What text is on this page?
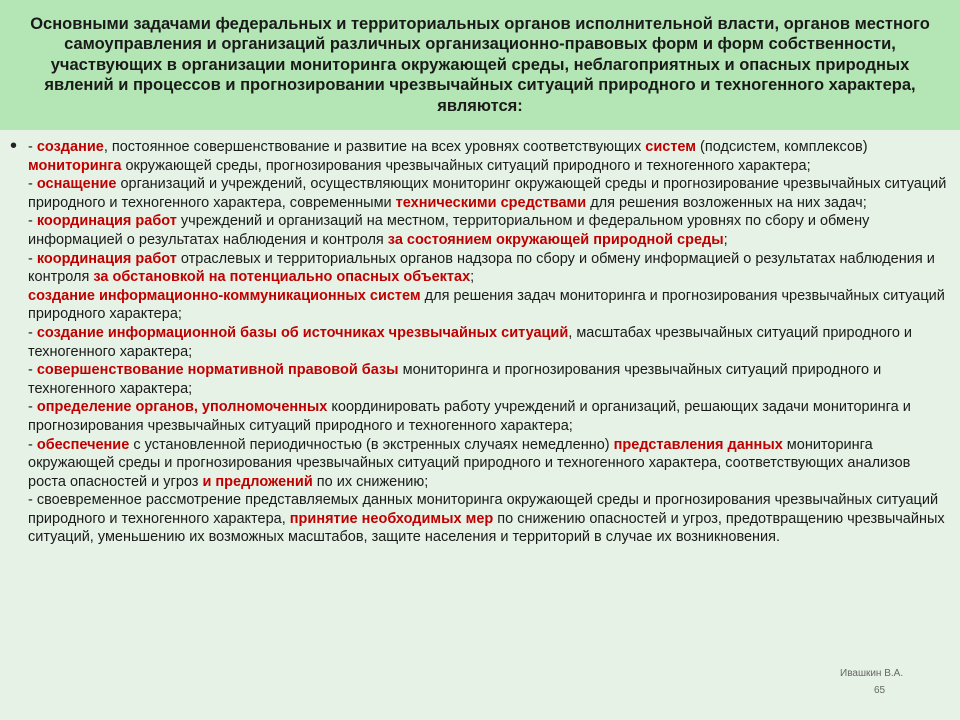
Основными задачами федеральных и территориальных органов исполнительной власти, органов местного самоуправления и организаций различных организационно-правовых форм и форм собственности, участвующих в организации мониторинга окружающей среды, неблагоприятных и опасных природных явлений и процессов и прогнозировании чрезвычайных ситуаций природного и техногенного характера, являются:

• - создание, постоянное совершенствование и развитие на всех уровнях соответствующих систем (подсистем, комплексов) мониторинга окружающей среды, прогнозирования чрезвычайных ситуаций природного и техногенного характера;
- оснащение организаций и учреждений, осуществляющих мониторинг окружающей среды и прогнозирование чрезвычайных ситуаций природного и техногенного характера, современными техническими средствами для решения возложенных на них задач;
- координация работ учреждений и организаций на местном, территориальном и федеральном уровнях по сбору и обмену информацией о результатах наблюдения и контроля за состоянием окружающей природной среды;
- координация работ отраслевых и территориальных органов надзора по сбору и обмену информацией о результатах наблюдения и контроля за обстановкой на потенциально опасных объектах;
создание информационно-коммуникационных систем для решения задач мониторинга и прогнозирования чрезвычайных ситуаций природного характера;
- создание информационной базы об источниках чрезвычайных ситуаций, масштабах чрезвычайных ситуаций природного и техногенного характера;
- совершенствование нормативной правовой базы мониторинга и прогнозирования чрезвычайных ситуаций природного и техногенного характера;
- определение органов, уполномоченных координировать работу учреждений и организаций, решающих задачи мониторинга и прогнозирования чрезвычайных ситуаций природного и техногенного характера;
- обеспечение с установленной периодичностью (в экстренных случаях немедленно) представления данных мониторинга окружающей среды и прогнозирования чрезвычайных ситуаций природного и техногенного характера, соответствующих анализов роста опасностей и угроз и предложений по их снижению;
- своевременное рассмотрение представляемых данных мониторинга окружающей среды и прогнозирования чрезвычайных ситуаций природного и техногенного характера, принятие необходимых мер по снижению опасностей и угроз, предотвращению чрезвычайных ситуаций, уменьшению их возможных масштабов, защите населения и территорий в случае их возникновения.
Ивашкин В.А.
65
